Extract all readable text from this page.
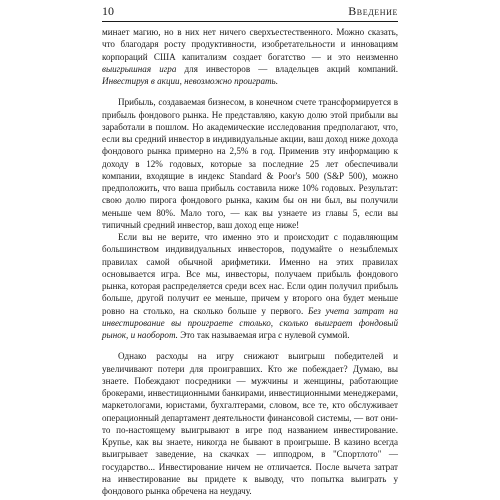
10	Введение

минает магию, но в них нет ничего сверхъестественного. Можно сказать, что благодаря росту продуктивности, изобретательности и инновациям корпораций США капитализм создает богатство — и это неизменно выигрышная игра для инвесторов — владельцев акций компаний. Инвестируя в акции, невозможно проиграть.

Прибыль, создаваемая бизнесом, в конечном счете трансформируется в прибыль фондового рынка. Не представляю, какую долю этой прибыли вы заработали в пошлом. Но академические исследования предполагают, что, если вы средний инвестор в индивидуальные акции, ваш доход ниже дохода фондового рынка примерно на 2,5% в год. Применив эту информацию к доходу в 12% годовых, которые за последние 25 лет обеспечивали компании, входящие в индекс Standard & Poor's 500 (S&P 500), можно предположить, что ваша прибыль составила ниже 10% годовых. Результат: свою долю пирога фондового рынка, каким бы он ни был, вы получили меньше чем 80%. Мало того, — как вы узнаете из главы 5, если вы типичный средний инвестор, ваш доход еще ниже!

Если вы не верите, что именно это и происходит с подавляющим большинством индивидуальных инвесторов, подумайте о незыблемых правилах самой обычной арифметики. Именно на этих правилах основывается игра. Все мы, инвесторы, получаем прибыль фондового рынка, которая распределяется среди всех нас. Если один получил прибыль больше, другой получит ее меньше, причем у второго она будет меньше ровно на столько, на сколько больше у первого. Без учета затрат на инвестирование вы проиграете столько, сколько выиграет фондовый рынок, и наоборот. Это так называемая игра с нулевой суммой.

Однако расходы на игру снижают выигрыш победителей и увеличивают потери для проигравших. Кто же побеждает? Думаю, вы знаете. Побеждают посредники — мужчины и женщины, работающие брокерами, инвестиционными банкирами, инвестиционными менеджерами, маркетологами, юристами, бухгалтерами, словом, все те, кто обслуживает операционный департамент деятельности финансовой системы, — вот они-то по-настоящему выигрывают в игре под названием инвестирование. Крупье, как вы знаете, никогда не бывают в проигрыше. В казино всегда выигрывает заведение, на скачках — ипподром, в "Спортлото" — государство... Инвестирование ничем не отличается. После вычета затрат на инвестирование вы придете к выводу, что попытка выиграть у фондового рынка обречена на неудачу.
